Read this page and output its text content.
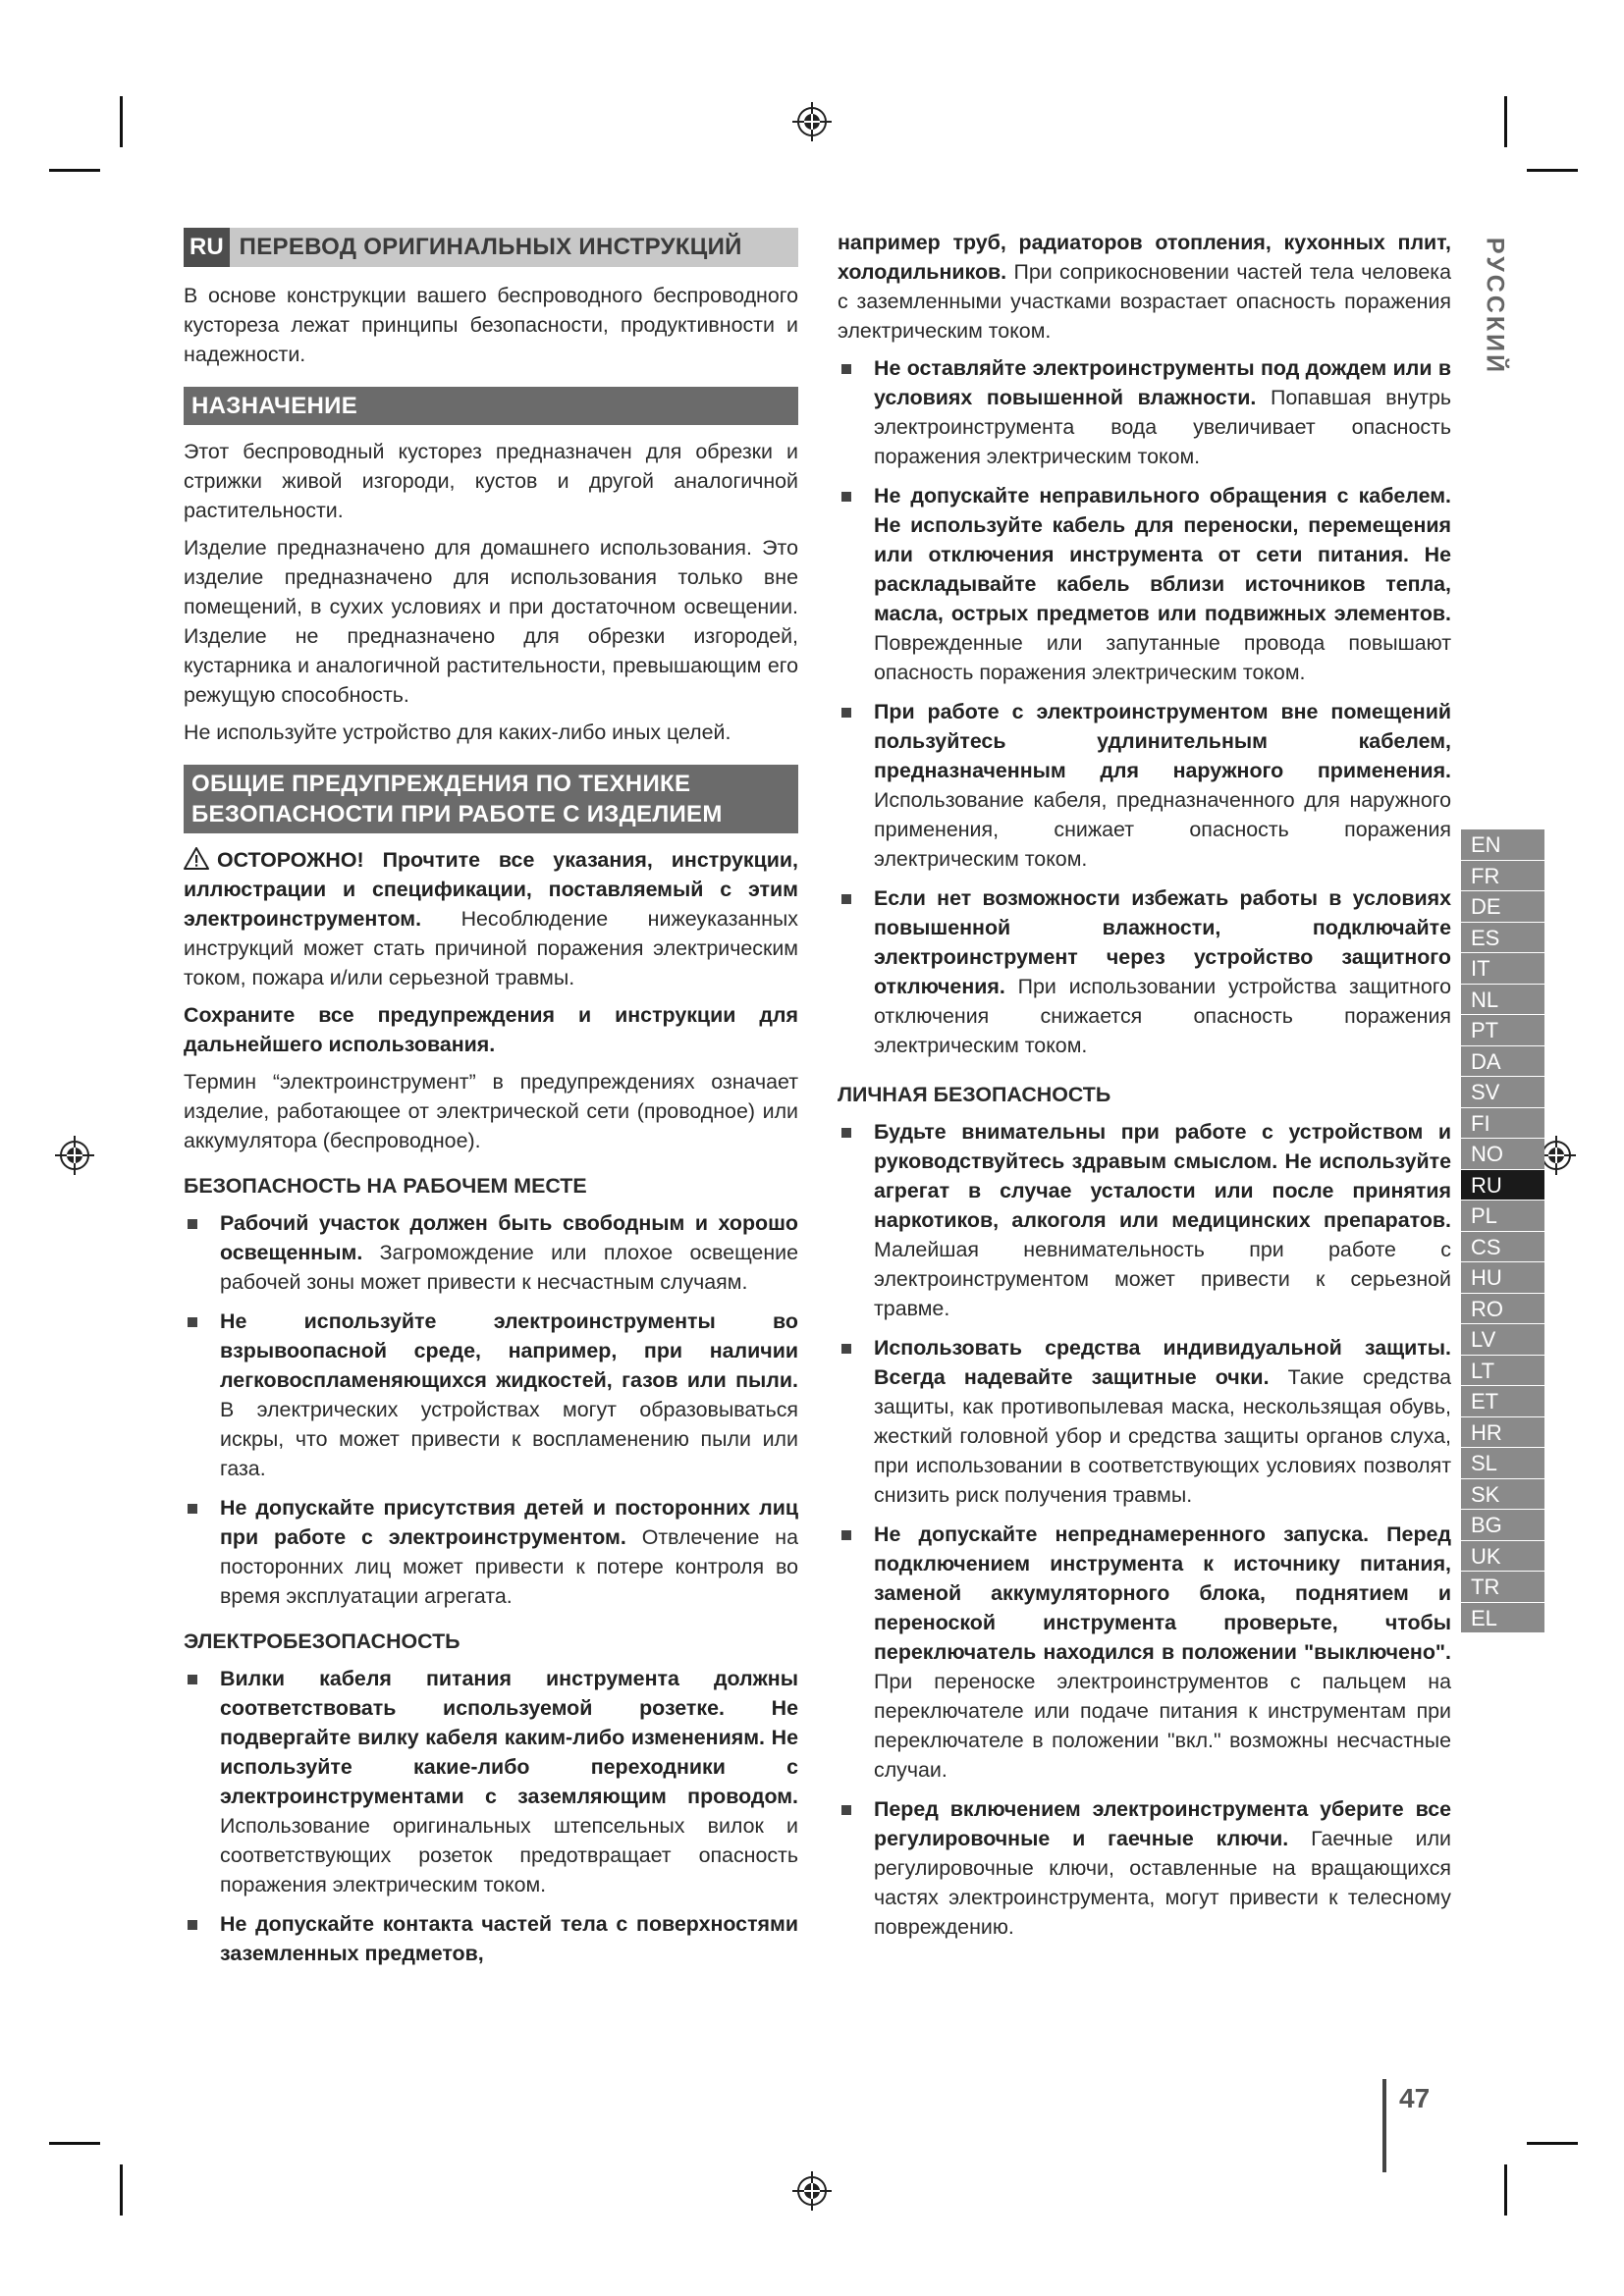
RU ПЕРЕВОД ОРИГИНАЛЬНЫХ ИНСТРУКЦИЙ

В основе конструкции вашего беспроводного беспроводного кустореза лежат принципы безопасности, продуктивности и надежности.

НАЗНАЧЕНИЕ

Этот беспроводный кусторез предназначен для обрезки и стрижки живой изгороди, кустов и другой аналогичной растительности.

Изделие предназначено для домашнего использования. Это изделие предназначено для использования только вне помещений, в сухих условиях и при достаточном освещении. Изделие не предназначено для обрезки изгородей, кустарника и аналогичной растительности, превышающим его режущую способность.

Не используйте устройство для каких-либо иных целей.

ОБЩИЕ ПРЕДУПРЕЖДЕНИЯ ПО ТЕХНИКЕ
БЕЗОПАСНОСТИ ПРИ РАБОТЕ С ИЗДЕЛИЕМ

ОСТОРОЖНО! Прочтите все указания, инструкции, иллюстрации и спецификации, поставляемый с этим электроинструментом. Несоблюдение нижеуказанных инструкций может стать причиной поражения электрическим током, пожара и/или серьезной травмы.

Сохраните все предупреждения и инструкции для дальнейшего использования.

Термин “электроинструмент” в предупреждениях означает изделие, работающее от электрической сети (проводное) или аккумулятора (беспроводное).

БЕЗОПАСНОСТЬ НА РАБОЧЕМ МЕСТЕ
Рабочий участок должен быть свободным и хорошо освещенным. Загромождение или плохое освещение рабочей зоны может привести к несчастным случаям.
Не используйте электроинструменты во взрывоопасной среде, например, при наличии легковоспламеняющихся жидкостей, газов или пыли. В электрических устройствах могут образовываться искры, что может привести к воспламенению пыли или газа.
Не допускайте присутствия детей и посторонних лиц при работе с электроинструментом. Отвлечение на посторонних лиц может привести к потере контроля во время эксплуатации агрегата.
ЭЛЕКТРОБЕЗОПАСНОСТЬ
Вилки кабеля питания инструмента должны соответствовать используемой розетке. Не подвергайте вилку кабеля каким-либо изменениям. Не используйте какие-либо переходники с электроинструментами с заземляющим проводом. Использование оригинальных штепсельных вилок и соответствующих розеток предотвращает опасность поражения электрическим током.
Не допускайте контакта частей тела с поверхностями заземленных предметов,

например труб, радиаторов отопления, кухонных плит, холодильников. При соприкосновении частей тела человека с заземленными участками возрастает опасность поражения электрическим током.

Не оставляйте электроинструменты под дождем или в условиях повышенной влажности. Попавшая внутрь электроинструмента вода увеличивает опасность поражения электрическим током.
Не допускайте неправильного обращения с кабелем. Не используйте кабель для переноски, перемещения или отключения инструмента от сети питания. Не раскладывайте кабель вблизи источников тепла, масла, острых предметов или подвижных элементов. Поврежденные или запутанные провода повышают опасность поражения электрическим током.
При работе с электроинструментом вне помещений пользуйтесь удлинительным кабелем, предназначенным для наружного применения. Использование кабеля, предназначенного для наружного применения, снижает опасность поражения электрическим током.
Если нет возможности избежать работы в условиях повышенной влажности, подключайте электроинструмент через устройство защитного отключения. При использовании устройства защитного отключения снижается опасность поражения электрическим током.
ЛИЧНАЯ БЕЗОПАСНОСТЬ
Будьте внимательны при работе с устройством и руководствуйтесь здравым смыслом. Не используйте агрегат в случае усталости или после принятия наркотиков, алкоголя или медицинских препаратов. Малейшая невнимательность при работе с электроинструментом может привести к серьезной травме.
Использовать средства индивидуальной защиты. Всегда надевайте защитные очки. Такие средства защиты, как противопылевая маска, нескользящая обувь, жесткий головной убор и средства защиты органов слуха, при использовании в соответствующих условиях позволят снизить риск получения травмы.
Не допускайте непреднамеренного запуска. Перед подключением инструмента к источнику питания, заменой аккумуляторного блока, поднятием и переноской инструмента проверьте, чтобы переключатель находился в положении "выключено". При переноске электроинструментов с пальцем на переключателе или подаче питания к инструментам при переключателе в положении "вкл." возможны несчастные случаи.
Перед включением электроинструмента уберите все регулировочные и гаечные ключи. Гаечные или регулировочные ключи, оставленные на вращающихся частях электроинструмента, могут привести к телесному повреждению.
РУССКИЙ
EN
FR
DE
ES
IT
NL
PT
DA
SV
FI
NO
RU
PL
CS
HU
RO
LV
LT
ET
HR
SL
SK
BG
UK
TR
EL
47
